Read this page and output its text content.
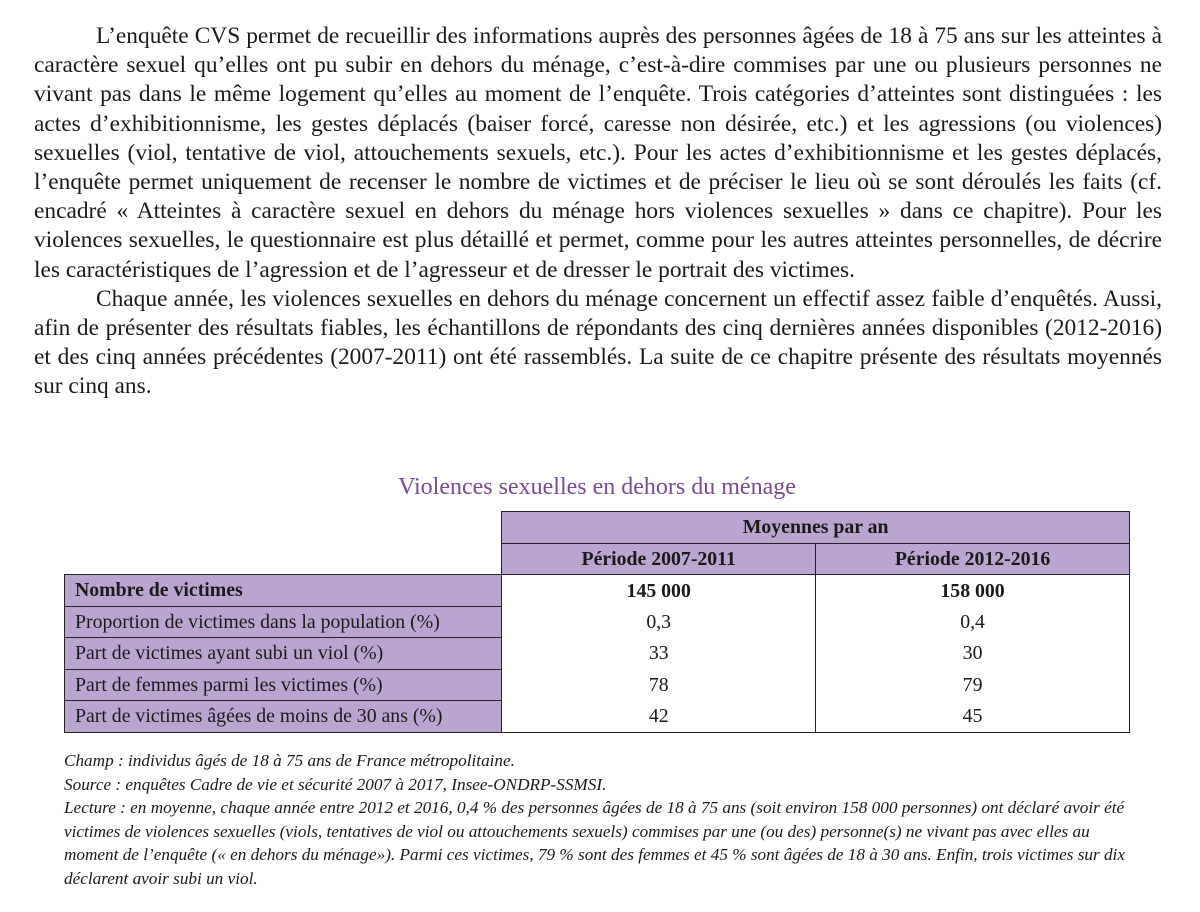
L’enquête CVS permet de recueillir des informations auprès des personnes âgées de 18 à 75 ans sur les atteintes à caractère sexuel qu’elles ont pu subir en dehors du ménage, c’est-à-dire commises par une ou plusieurs personnes ne vivant pas dans le même logement qu’elles au moment de l’enquête. Trois catégories d’atteintes sont distinguées : les actes d’exhibitionnisme, les gestes déplacés (baiser forcé, caresse non désirée, etc.) et les agressions (ou violences) sexuelles (viol, tentative de viol, attouchements sexuels, etc.). Pour les actes d’exhibitionnisme et les gestes déplacés, l’enquête permet uniquement de recenser le nombre de victimes et de préciser le lieu où se sont déroulés les faits (cf. encadré « Atteintes à caractère sexuel en dehors du ménage hors violences sexuelles » dans ce chapitre). Pour les violences sexuelles, le questionnaire est plus détaillé et permet, comme pour les autres atteintes personnelles, de décrire les caractéristiques de l’agression et de l’agresseur et de dresser le portrait des victimes.

Chaque année, les violences sexuelles en dehors du ménage concernent un effectif assez faible d’enquêtés. Aussi, afin de présenter des résultats fiables, les échantillons de répondants des cinq dernières années disponibles (2012-2016) et des cinq années précédentes (2007-2011) ont été rassemblés. La suite de ce chapitre présente des résultats moyennés sur cinq ans.

Violences sexuelles en dehors du ménage
	Moyennes par an	
	Période 2007-2011	Période 2012-2016
Nombre de victimes	145 000	158 000
Proportion de victimes dans la population (%)	0,3	0,4
Part de victimes ayant subi un viol (%)	33	30
Part de femmes parmi les victimes (%)	78	79
Part de victimes âgées de moins de 30 ans (%)	42	45

Champ : individus âgés de 18 à 75 ans de France métropolitaine.

Source : enquêtes Cadre de vie et sécurité 2007 à 2017, Insee-ONDRP-SSMSI.

Lecture : en moyenne, chaque année entre 2012 et 2016, 0,4 % des personnes âgées de 18 à 75 ans (soit environ 158 000 personnes) ont déclaré avoir été victimes de violences sexuelles (viols, tentatives de viol ou attouchements sexuels) commises par une (ou des) personne(s) ne vivant pas avec elles au moment de l’enquête (« en dehors du ménage»). Parmi ces victimes, 79 % sont des femmes et 45 % sont âgées de 18 à 30 ans. Enfin, trois victimes sur dix déclarent avoir subi un viol.
